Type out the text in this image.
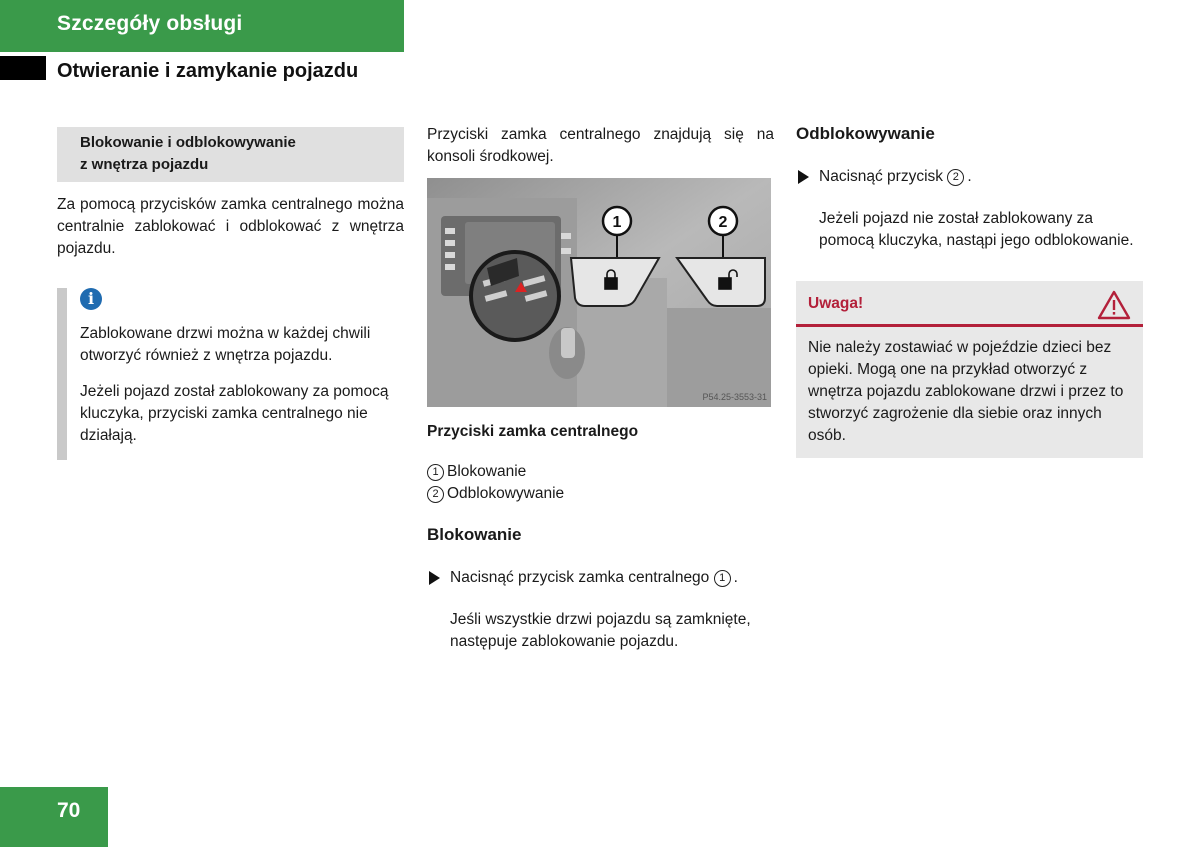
Szczegóły obsługi
Otwieranie i zamykanie pojazdu
Blokowanie i odblokowywanie
z wnętrza pojazdu

Za pomocą przycisków zamka centralnego można centralnie zablokować i odblokować z wnętrza pojazdu.

i

Zablokowane drzwi można w każdej chwili otworzyć również z wnętrza pojazdu.

Jeżeli pojazd został zablokowany za pomocą kluczyka, przyciski zamka centralnego nie działają.

Przyciski zamka centralnego znajdują się na konsoli środkowej.

1	2
P54.25-3553-31
Przyciski zamka centralnego
1 Blokowanie
2 Odblokowywanie
Blokowanie
Nacisnąć przycisk zamka centralnego 1 .

Jeśli wszystkie drzwi pojazdu są zamknięte, następuje zablokowanie pojazdu.

Odblokowywanie
Nacisnąć przycisk 2 .

Jeżeli pojazd nie został zablokowany za pomocą kluczyka, nastąpi jego odblokowanie.

Uwaga!
Nie należy zostawiać w pojeździe dzieci bez opieki. Mogą one na przykład otworzyć z wnętrza pojazdu zablokowane drzwi i przez to stworzyć zagrożenie dla siebie oraz innych osób.
70
